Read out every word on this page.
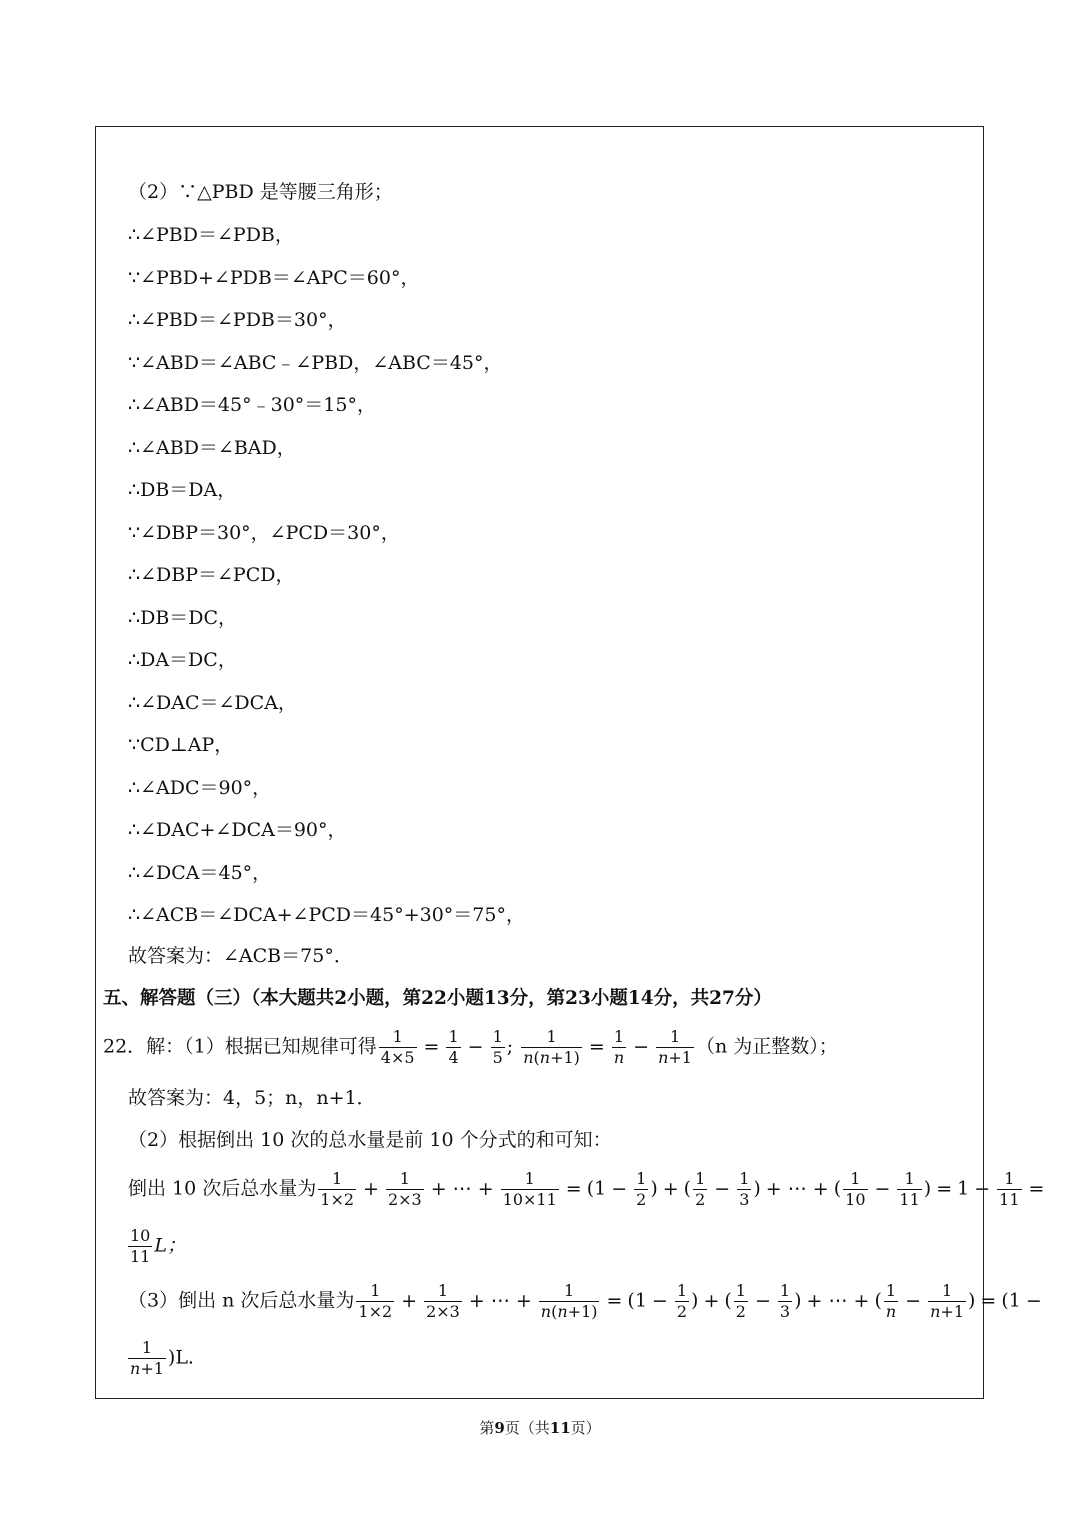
（2）∵△PBD 是等腰三角形；
∴∠PBD＝∠PDB，
∵∠PBD+∠PDB＝∠APC＝60°，
∴∠PBD＝∠PDB＝30°，
∵∠ABD＝∠ABC﹣∠PBD，∠ABC＝45°，
∴∠ABD＝45°﹣30°＝15°，
∴∠ABD＝∠BAD，
∴DB＝DA，
∵∠DBP＝30°，∠PCD＝30°，
∴∠DBP＝∠PCD，
∴DB＝DC，
∴DA＝DC，
∴∠DAC＝∠DCA，
∵CD⊥AP，
∴∠ADC＝90°，
∴∠DAC+∠DCA＝90°，
∴∠DCA＝45°，
∴∠ACB＝∠DCA+∠PCD＝45°+30°＝75°，
故答案为：∠ACB＝75°．
五、解答题（三）（本大题共2小题，第22小题13分，第23小题14分，共27分）
22．解：（1）根据已知规律可得 $\frac{1}{4\times 5} = \frac{1}{4} - \frac{1}{5}$ ; $\frac{1}{n(n+1)} = \frac{1}{n} - \frac{1}{n+1} (n$ 为正整数）；
故答案为：4，5；n，n+1．
（2）根据倒出 10 次的总水量是前 10 个分式的和可知：
倒出 10 次后总水量为 $\frac{1}{1\times 2} + \frac{1}{2\times 3}$ + ⋯ + $\frac{1}{10\times 11} = (1 - \frac{1}{2}$ ) + ( $\frac{1}{2} - \frac{1}{3}$ ) + ⋯ + ( $\frac{1}{10} - \frac{1}{11}$ ) = $1 - \frac{1}{11}$ =
$\frac{10}{11}$ L；
（3）倒出 n 次后总水量为 $\frac{1}{1\times 2} + \frac{1}{2\times 3}$ + ⋯ + $\frac{1}{n(n+1)} = (1 - \frac{1}{2}$ ) + ( $\frac{1}{2} - \frac{1}{3}$ ) + ⋯ + ( $\frac{1}{n} - \frac{1}{n+1}$ ) = (1 −
$\frac{1}{n+1} )L$.
第9页（共11页）
